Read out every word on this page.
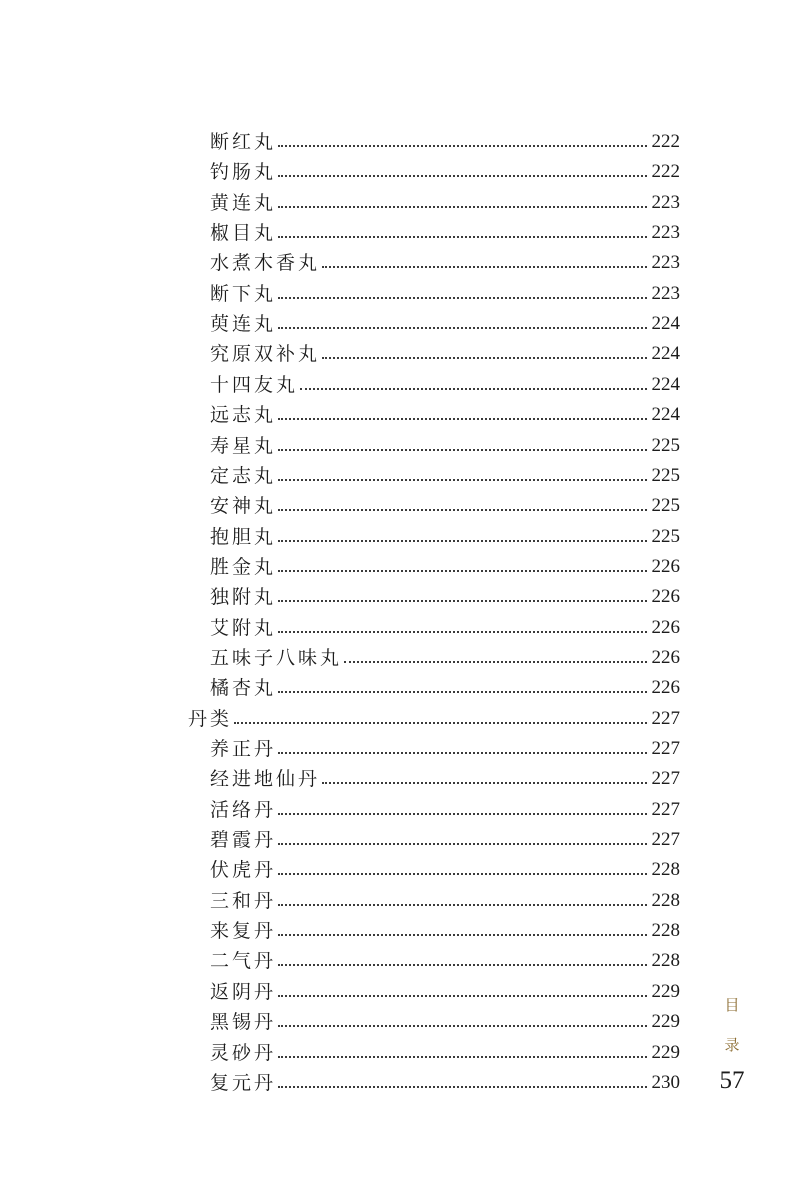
断红丸	222
钓肠丸	222
黄连丸	223
椒目丸	223
水煮木香丸	223
断下丸	223
萸连丸	224
究原双补丸	224
十四友丸	224
远志丸	224
寿星丸	225
定志丸	225
安神丸	225
抱胆丸	225
胜金丸	226
独附丸	226
艾附丸	226
五味子八味丸	226
橘杏丸	226
丹类	227
养正丹	227
经进地仙丹	227
活络丹	227
碧霞丹	227
伏虎丹	228
三和丹	228
来复丹	228
二气丹	228
返阴丹	229
黑锡丹	229
灵砂丹	229
复元丹	230
目
录
57
